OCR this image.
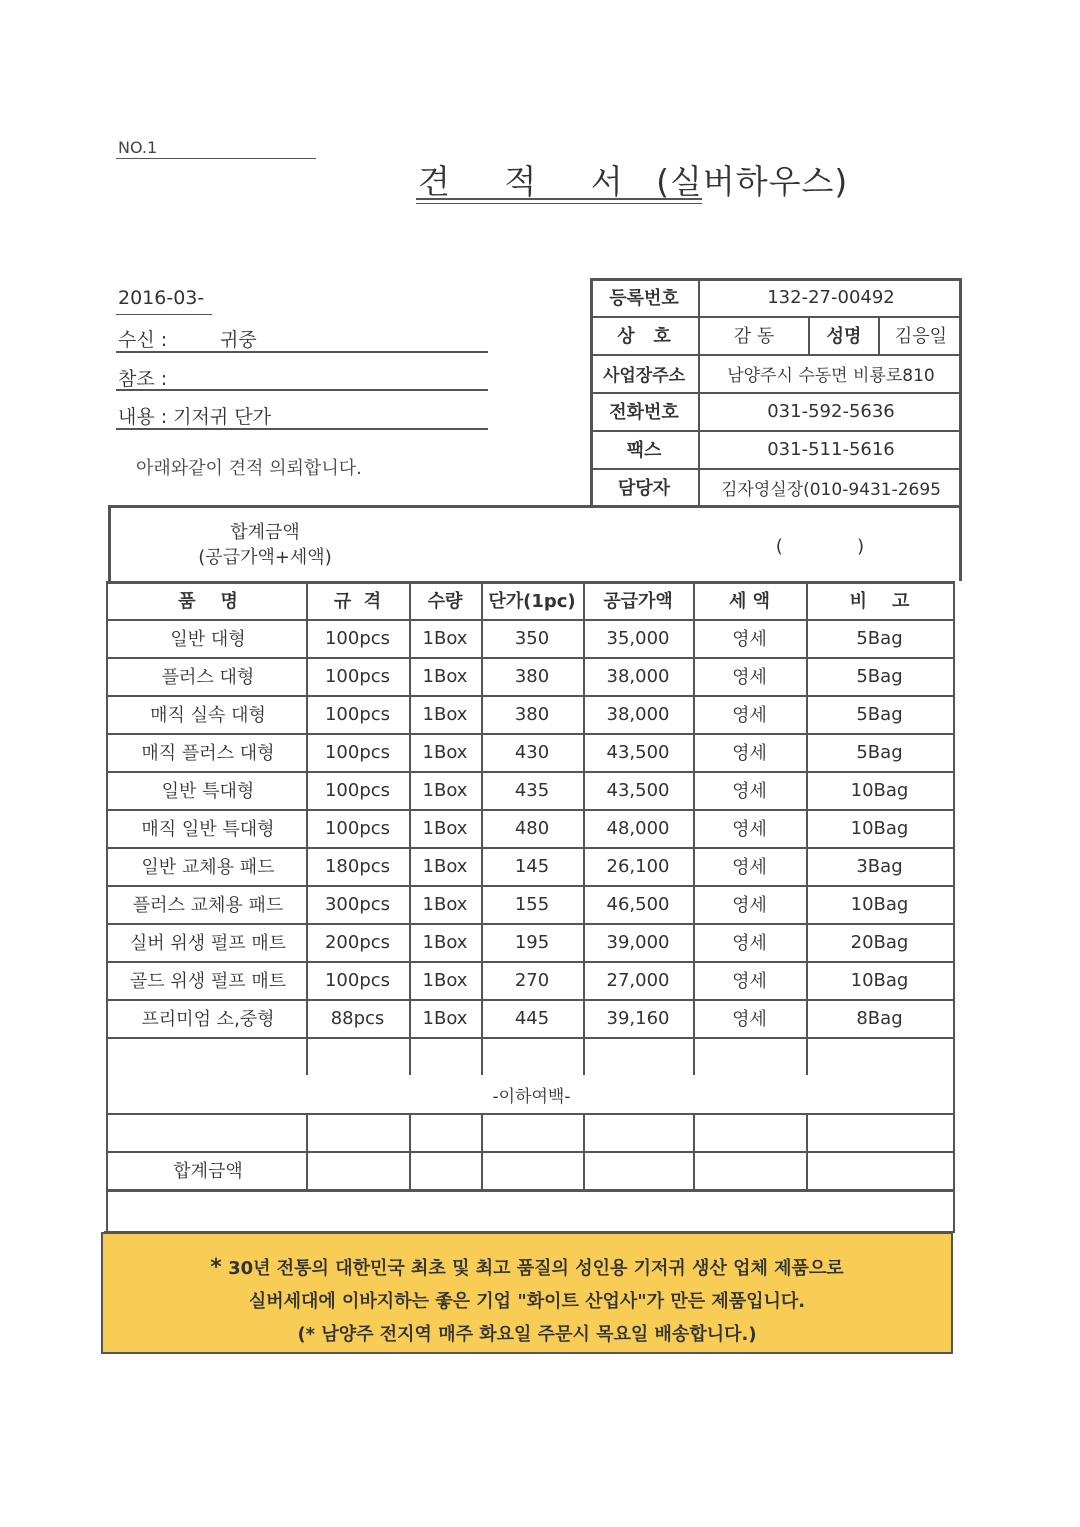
NO.1
견 적 서 (실버하우스)
2016-03-
수신 :	귀중
참조 :
내용 : 기저귀 단가
아래와같이 견적 의뢰합니다.
등록번호	132-27-00492
상   호	감 동	성명	김응일
사업장주소	남양주시 수동면 비룡로810
전화번호	031-592-5636
팩스	031-511-5616
담당자	김자영실장(010-9431-2695
합계금액
(공급가액+세액)
(             )
품    명	규  격	수량	단가(1pc)	공급가액	세 액	비    고
일반 대형	100pcs	1Box	350	35,000	영세	5Bag
플러스 대형	100pcs	1Box	380	38,000	영세	5Bag
매직 실속 대형	100pcs	1Box	380	38,000	영세	5Bag
매직 플러스 대형	100pcs	1Box	430	43,500	영세	5Bag
일반 특대형	100pcs	1Box	435	43,500	영세	10Bag
매직 일반 특대형	100pcs	1Box	480	48,000	영세	10Bag
일반 교체용 패드	180pcs	1Box	145	26,100	영세	3Bag
플러스 교체용 패드	300pcs	1Box	155	46,500	영세	10Bag
실버 위생 펄프 매트	200pcs	1Box	195	39,000	영세	20Bag
골드 위생 펄프 매트	100pcs	1Box	270	27,000	영세	10Bag
프리미엄 소,중형	88pcs	1Box	445	39,160	영세	8Bag
-이하여백-
합계금액
* 30년 전통의 대한민국 최초 및 최고 품질의 성인용 기저귀 생산 업체 제품으로
실버세대에 이바지하는 좋은 기업 "화이트 산업사"가 만든 제품입니다.
(* 남양주 전지역 매주 화요일 주문시 목요일 배송합니다.)
